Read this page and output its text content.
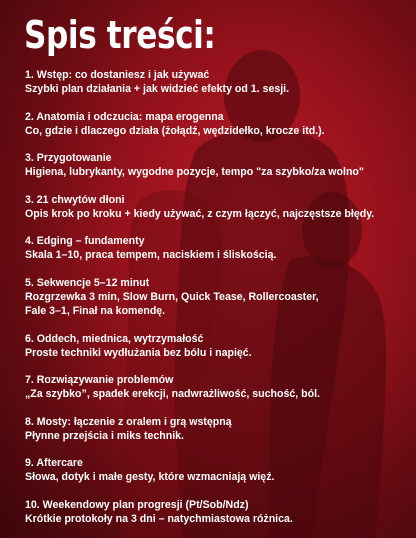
Spis treści:
1. Wstęp: co dostaniesz i jak używać
Szybki plan działania + jak widzieć efekty od 1. sesji.
2. Anatomia i odczucia: mapa erogenna
Co, gdzie i dlaczego działa (żołądź, wędzidełko, krocze itd.).
3. Przygotowanie
Higiena, lubrykanty, wygodne pozycje, tempo "za szybko/za wolno"
3. 21 chwytów dłoni
Opis krok po kroku + kiedy używać, z czym łączyć, najczęstsze błędy.
4. Edging – fundamenty
Skala 1–10, praca tempem, naciskiem i śliskością.
5. Sekwencje 5–12 minut
Rozgrzewka 3 min, Slow Burn, Quick Tease, Rollercoaster,
Fale 3–1, Finał na komendę.
6. Oddech, miednica, wytrzymałość
Proste techniki wydłużania bez bólu i napięć.
7. Rozwiązywanie problemów
„Za szybko”, spadek erekcji, nadwrażliwość, suchość, ból.
8. Mosty: łączenie z oralem i grą wstępną
Płynne przejścia i miks technik.
9. Aftercare
Słowa, dotyk i małe gesty, które wzmacniają więź.
10. Weekendowy plan progresji (Pt/Sob/Ndz)
Krótkie protokoły na 3 dni – natychmiastowa różnica.
